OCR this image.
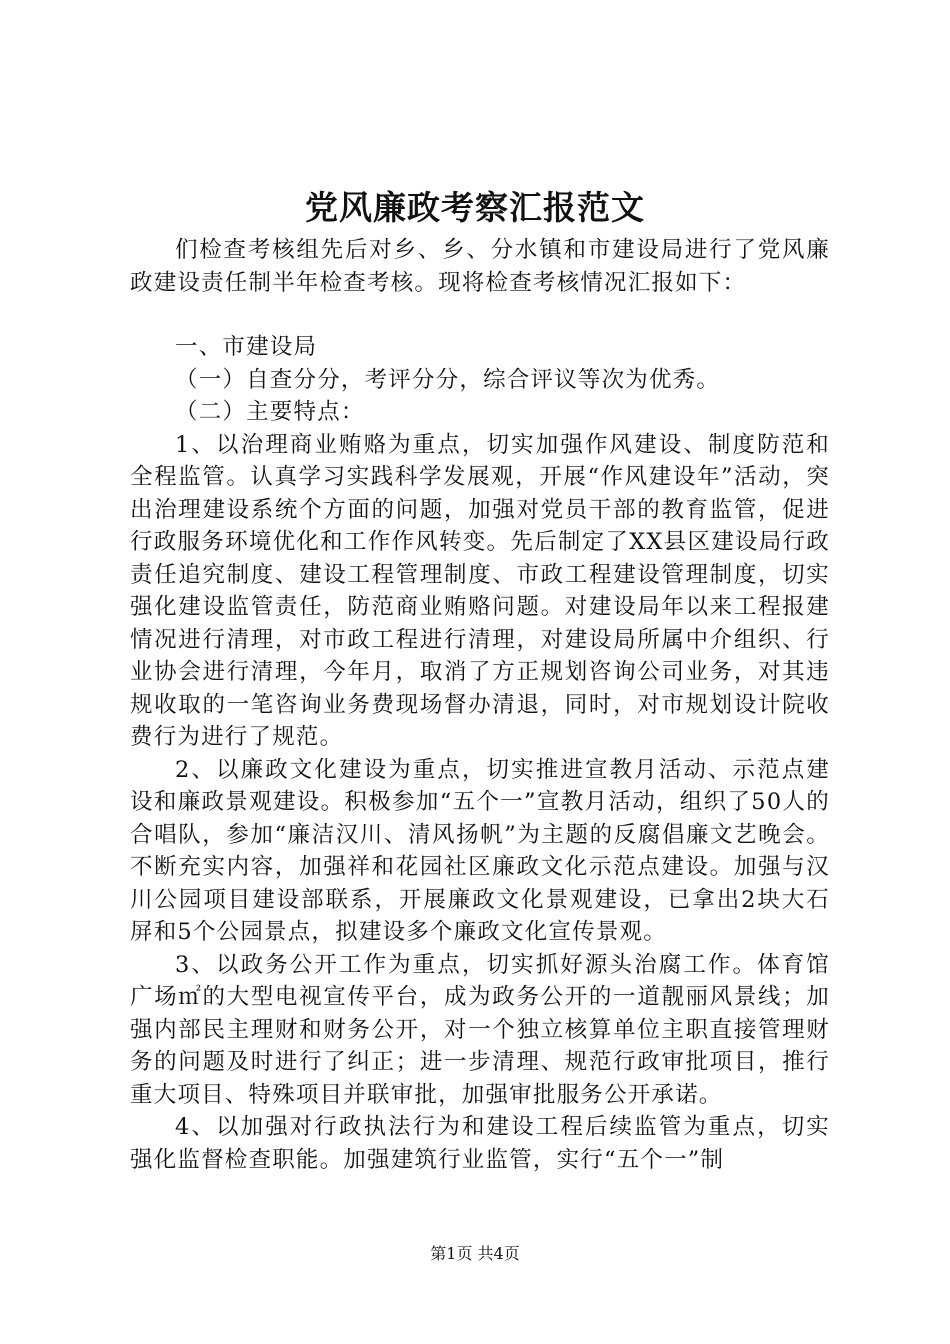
党风廉政考察汇报范文

们检查考核组先后对乡、乡、分水镇和市建设局进行了党风廉政建设责任制半年检查考核。现将检查考核情况汇报如下：

一、市建设局

（一）自查分分，考评分分，综合评议等次为优秀。

（二）主要特点：

1、以治理商业贿赂为重点，切实加强作风建设、制度防范和全程监管。认真学习实践科学发展观，开展“作风建设年”活动，突出治理建设系统个方面的问题，加强对党员干部的教育监管，促进行政服务环境优化和工作作风转变。先后制定了XX县区建设局行政责任追究制度、建设工程管理制度、市政工程建设管理制度，切实强化建设监管责任，防范商业贿赂问题。对建设局年以来工程报建情况进行清理，对市政工程进行清理，对建设局所属中介组织、行业协会进行清理，今年月，取消了方正规划咨询公司业务，对其违规收取的一笔咨询业务费现场督办清退，同时，对市规划设计院收费行为进行了规范。

2、以廉政文化建设为重点，切实推进宣教月活动、示范点建设和廉政景观建设。积极参加“五个一”宣教月活动，组织了50人的合唱队，参加“廉洁汉川、清风扬帆”为主题的反腐倡廉文艺晚会。不断充实内容，加强祥和花园社区廉政文化示范点建设。加强与汉川公园项目建设部联系，开展廉政文化景观建设，已拿出2块大石屏和5个公园景点，拟建设多个廉政文化宣传景观。

3、以政务公开工作为重点，切实抓好源头治腐工作。体育馆广场㎡的大型电视宣传平台，成为政务公开的一道靓丽风景线；加强内部民主理财和财务公开，对一个独立核算单位主职直接管理财务的问题及时进行了纠正；进一步清理、规范行政审批项目，推行重大项目、特殊项目并联审批，加强审批服务公开承诺。

4、以加强对行政执法行为和建设工程后续监管为重点，切实强化监督检查职能。加强建筑行业监管，实行“五个一”制

第1页 共4页
